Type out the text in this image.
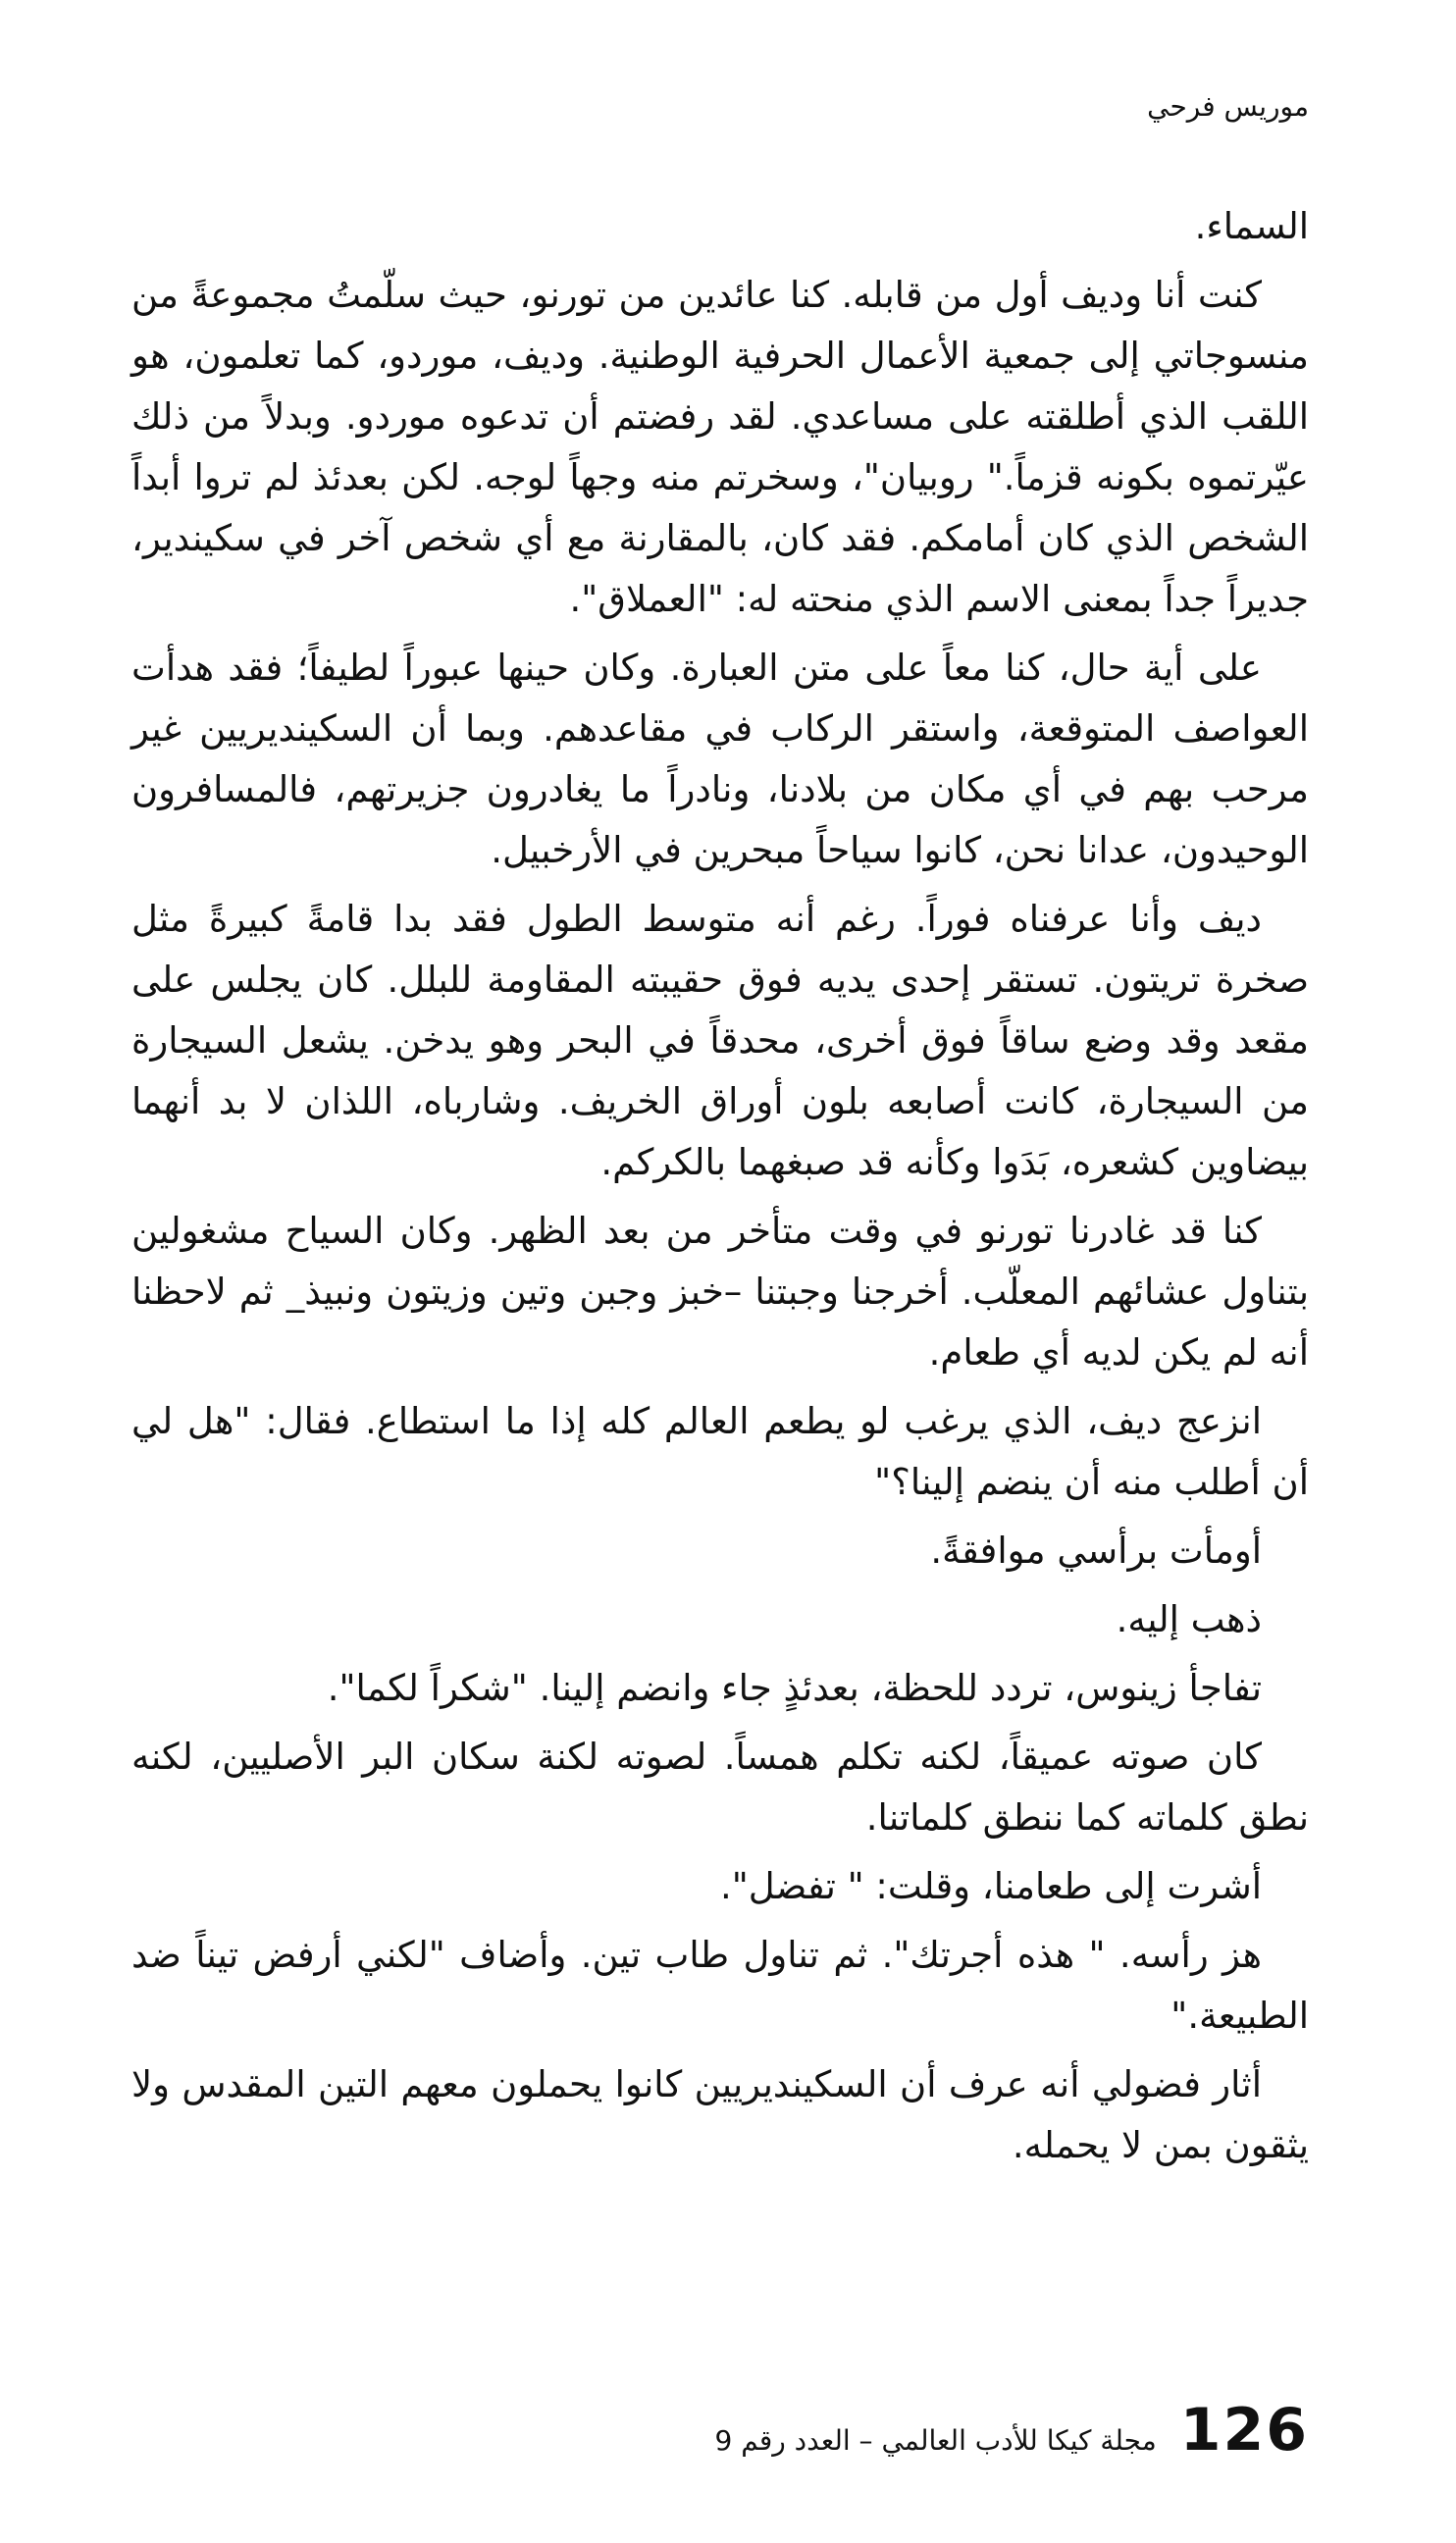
موريس فرحي

السماء.

كنت أنا وديف أول من قابله. كنا عائدين من تورنو، حيث سلّمتُ مجموعةً من منسوجاتي إلى جمعية الأعمال الحرفية الوطنية. وديف، موردو، كما تعلمون، هو اللقب الذي أطلقته على مساعدي. لقد رفضتم أن تدعوه موردو. وبدلاً من ذلك عيّرتموه بكونه قزماً." روبيان"، وسخرتم منه وجهاً لوجه. لكن بعدئذ لم تروا أبداً الشخص الذي كان أمامكم. فقد كان، بالمقارنة مع أي شخص آخر في سكيندير، جديراً جداً بمعنى الاسم الذي منحته له: "العملاق".

على أية حال، كنا معاً على متن العبارة. وكان حينها عبوراً لطيفاً؛ فقد هدأت العواصف المتوقعة، واستقر الركاب في مقاعدهم. وبما أن السكينديريين غير مرحب بهم في أي مكان من بلادنا، ونادراً ما يغادرون جزيرتهم، فالمسافرون الوحيدون، عدانا نحن، كانوا سياحاً مبحرين في الأرخبيل.

ديف وأنا عرفناه فوراً. رغم أنه متوسط الطول فقد بدا قامةً كبيرةً مثل صخرة تريتون. تستقر إحدى يديه فوق حقيبته المقاومة للبلل. كان يجلس على مقعد وقد وضع ساقاً فوق أخرى، محدقاً في البحر وهو يدخن. يشعل السيجارة من السيجارة، كانت أصابعه بلون أوراق الخريف. وشارباه، اللذان لا بد أنهما بيضاوين كشعره، بَدَوا وكأنه قد صبغهما بالكركم.

كنا قد غادرنا تورنو في وقت متأخر من بعد الظهر. وكان السياح مشغولين بتناول عشائهم المعلّب. أخرجنا وجبتنا –خبز وجبن وتين وزيتون ونبيذ_ ثم لاحظنا أنه لم يكن لديه أي طعام.

انزعج ديف، الذي يرغب لو يطعم العالم كله إذا ما استطاع. فقال: "هل لي أن أطلب منه أن ينضم إلينا؟"

أومأت برأسي موافقةً.

ذهب إليه.

تفاجأ زينوس، تردد للحظة، بعدئذٍ جاء وانضم إلينا. "شكراً لكما".

كان صوته عميقاً، لكنه تكلم همساً. لصوته لكنة سكان البر الأصليين، لكنه نطق كلماته كما ننطق كلماتنا.

أشرت إلى طعامنا، وقلت: " تفضل".

هز رأسه. " هذه أجرتك". ثم تناول طاب تين. وأضاف "لكني أرفض تيناً ضد الطبيعة."

أثار فضولي أنه عرف أن السكينديريين كانوا يحملون معهم التين المقدس ولا يثقون بمن لا يحمله.

126
مجلة كيكا للأدب العالمي – العدد رقم 9
